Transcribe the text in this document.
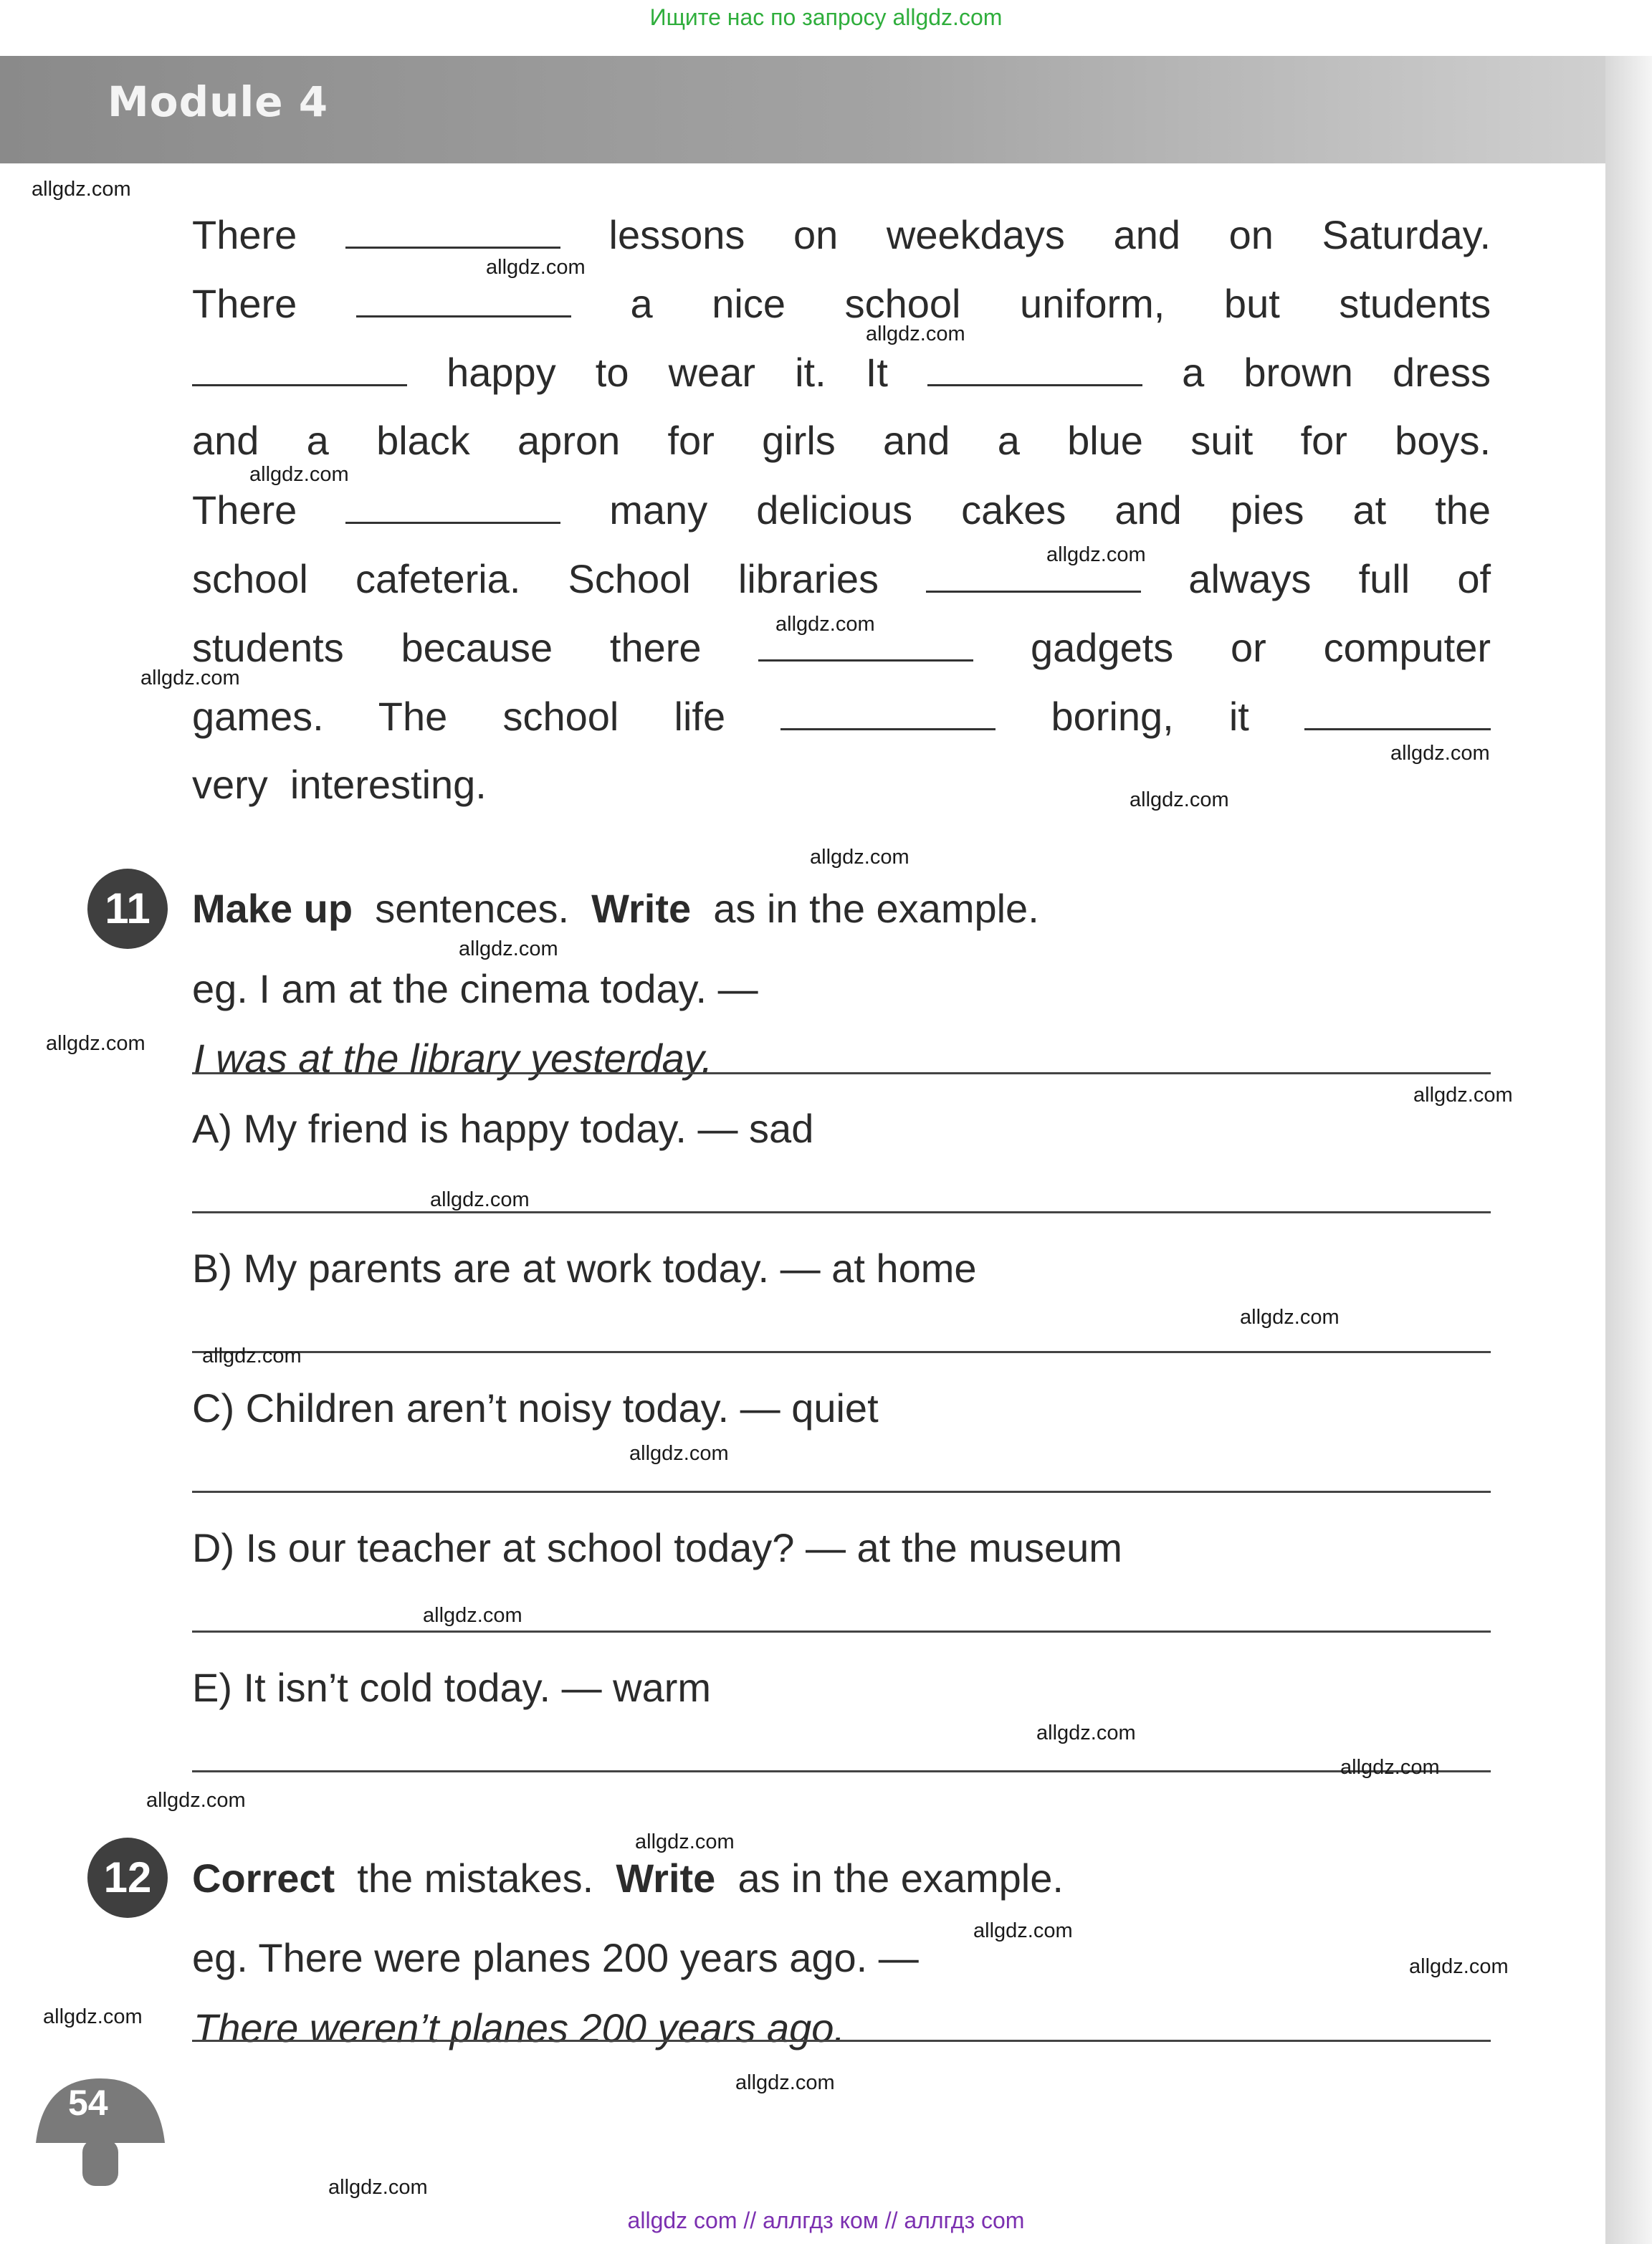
Ищите нас по запросу allgdz.com
Module 4
There	lessons on weekdays and on Saturday.
There	a nice school uniform, but students
happy to wear it. It	a brown dress
and a black apron for girls and a blue suit for boys.
There	many delicious cakes and pies at the
school cafeteria. School libraries	always full of
students because there	gadgets or computer
games. The school life	boring, it
very interesting.
11	Make up sentences. Write as in the example.
eg. I am at the cinema today. —
I was at the library yesterday.
A) My friend is happy today. — sad
B) My parents are at work today. — at home
C) Children aren’t noisy today. — quiet
D) Is our teacher at school today? — at the museum
E) It isn’t cold today. — warm
12	Correct the mistakes. Write as in the example.
eg. There were planes 200 years ago. —
There weren’t planes 200 years ago.
54
allgdz.com
allgdz.com
allgdz.com
allgdz.com
allgdz.com
allgdz.com
allgdz.com
allgdz.com
allgdz.com
allgdz.com
allgdz.com
allgdz.com
allgdz.com
allgdz.com
allgdz.com
allgdz.com
allgdz.com
allgdz.com
allgdz.com
allgdz.com
allgdz.com
allgdz.com
allgdz.com
allgdz.com
allgdz.com
allgdz.com
allgdz.com
allgdz com // аллгдз ком // аллгдз com
